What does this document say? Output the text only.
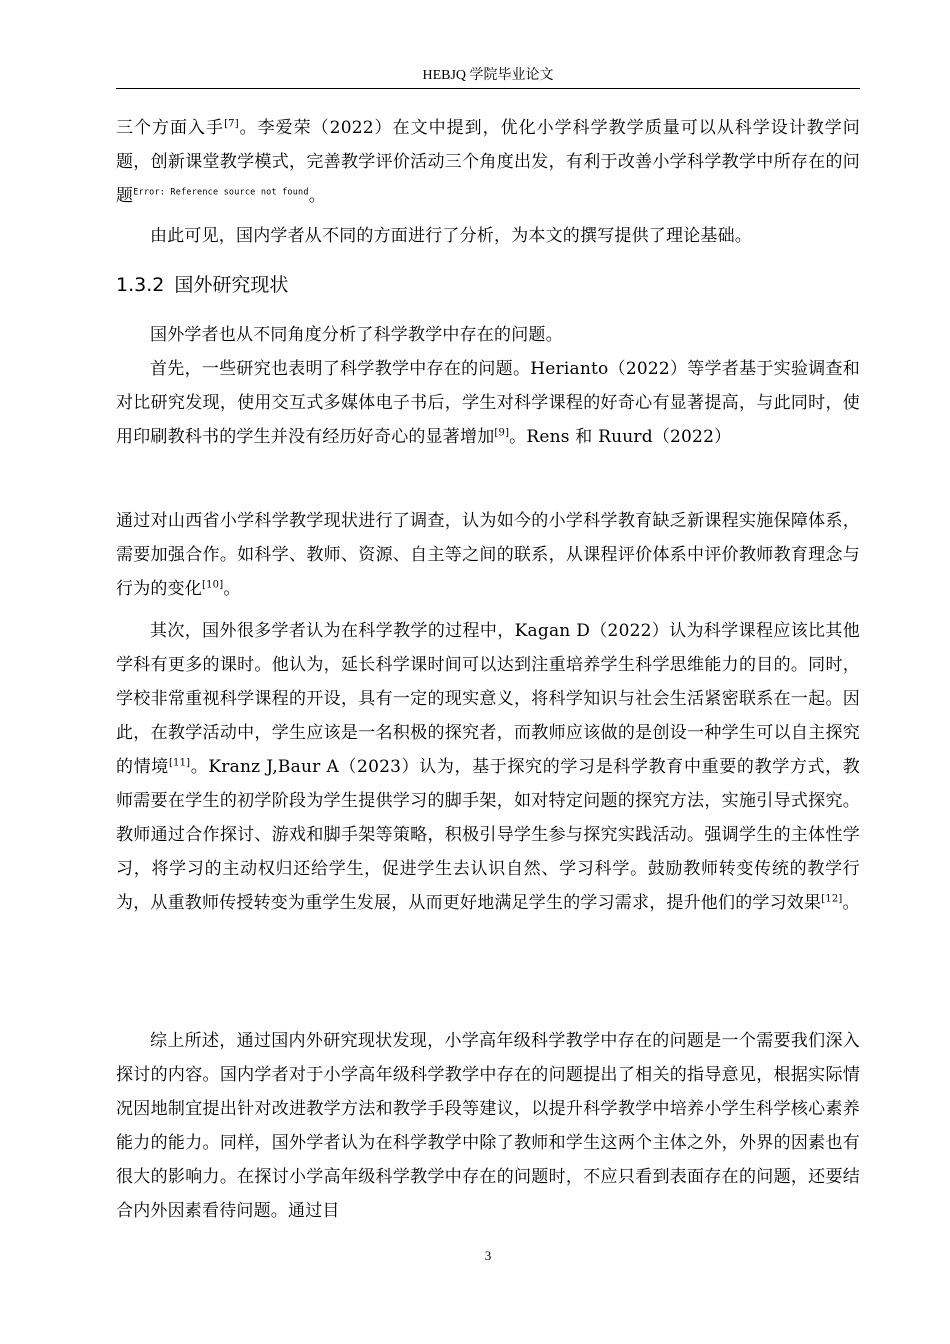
HEBJQ 学院毕业论文
三个方面入手[7]。李爱荣（2022）在文中提到，优化小学科学教学质量可以从科学设计教学问题，创新课堂教学模式，完善教学评价活动三个角度出发，有利于改善小学科学教学中所存在的问题$^{Error: Reference source not found}$。
由此可见，国内学者从不同的方面进行了分析，为本文的撰写提供了理论基础。
1.3.2 国外研究现状
国外学者也从不同角度分析了科学教学中存在的问题。
首先，一些研究也表明了科学教学中存在的问题。Herianto（2022）等学者基于实验调查和对比研究发现，使用交互式多媒体电子书后，学生对科学课程的好奇心有显著提高，与此同时，使用印刷教科书的学生并没有经历好奇心的显著增加[9]。Rens 和 Ruurd（2022）
通过对山西省小学科学教学现状进行了调查，认为如今的小学科学教育缺乏新课程实施保障体系，需要加强合作。如科学、教师、资源、自主等之间的联系，从课程评价体系中评价教师教育理念与行为的变化[10]。
其次，国外很多学者认为在科学教学的过程中，Kagan D（2022）认为科学课程应该比其他学科有更多的课时。他认为，延长科学课时间可以达到注重培养学生科学思维能力的目的。同时，学校非常重视科学课程的开设，具有一定的现实意义，将科学知识与社会生活紧密联系在一起。因此，在教学活动中，学生应该是一名积极的探究者，而教师应该做的是创设一种学生可以自主探究的情境[11]。Kranz J,Baur A（2023）认为，基于探究的学习是科学教育中重要的教学方式，教师需要在学生的初学阶段为学生提供学习的脚手架，如对特定问题的探究方法，实施引导式探究。教师通过合作探讨、游戏和脚手架等策略，积极引导学生参与探究实践活动。强调学生的主体性学习，将学习的主动权归还给学生，促进学生去认识自然、学习科学。鼓励教师转变传统的教学行为，从重教师传授转变为重学生发展，从而更好地满足学生的学习需求，提升他们的学习效果[12]。
综上所述，通过国内外研究现状发现，小学高年级科学教学中存在的问题是一个需要我们深入探讨的内容。国内学者对于小学高年级科学教学中存在的问题提出了相关的指导意见，根据实际情况因地制宜提出针对改进教学方法和教学手段等建议，以提升科学教学中培养小学生科学核心素养能力的能力。同样，国外学者认为在科学教学中除了教师和学生这两个主体之外，外界的因素也有很大的影响力。在探讨小学高年级科学教学中存在的问题时，不应只看到表面存在的问题，还要结合内外因素看待问题。通过目
3
